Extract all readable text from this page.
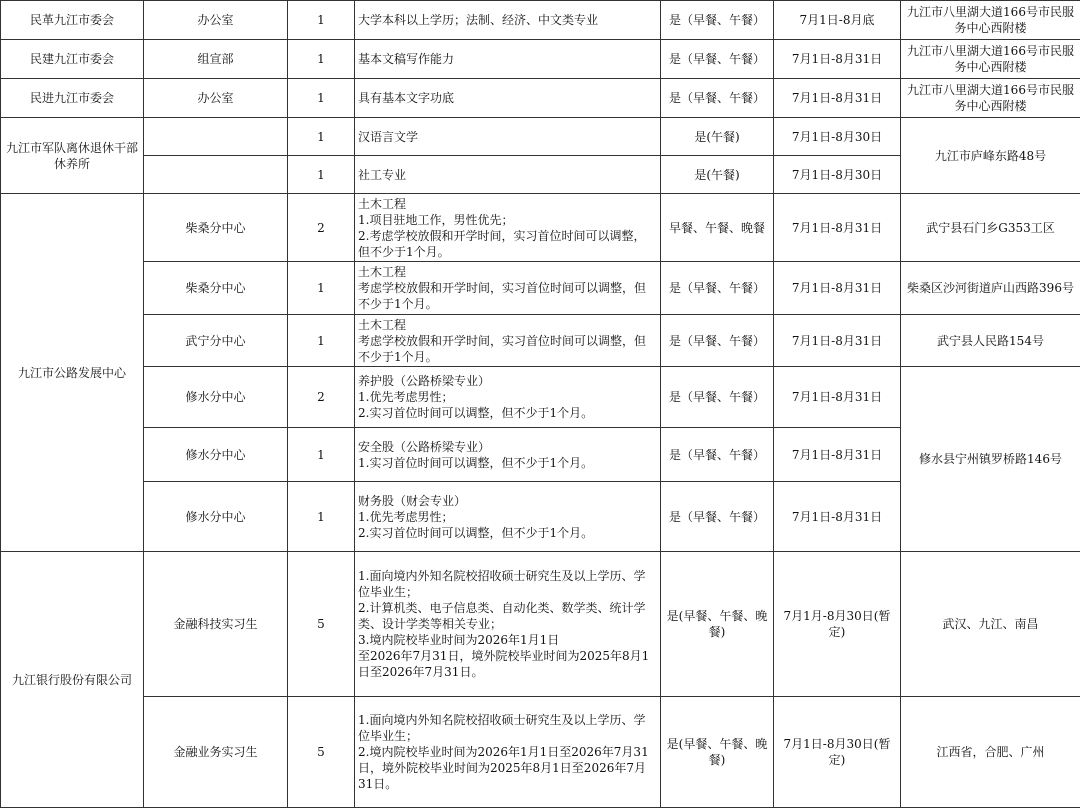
民革九江市委会	办公室	1	大学本科以上学历；法制、经济、中文类专业	是（早餐、午餐）	7月1日-8月底	九江市八里湖大道166号市民服务中心西附楼
民建九江市委会	组宣部	1	基本文稿写作能力	是（早餐、午餐）	7月1日-8月31日	九江市八里湖大道166号市民服务中心西附楼
民进九江市委会	办公室	1	具有基本文字功底	是（早餐、午餐）	7月1日-8月31日	九江市八里湖大道166号市民服务中心西附楼
九江市军队离休退休干部休养所		1	汉语言文学	是(午餐)	7月1日-8月30日	九江市庐峰东路48号
		1	社工专业	是(午餐)	7月1日-8月30日	
九江市公路发展中心	柴桑分中心	2	土木工程
1.项目驻地工作，男性优先；
2.考虑学校放假和开学时间，实习首位时间可以调整，但不少于1个月。	早餐、午餐、晚餐	7月1日-8月31日	武宁县石门乡G353工区
	柴桑分中心	1	土木工程
考虑学校放假和开学时间，实习首位时间可以调整，但不少于1个月。	是（早餐、午餐）	7月1日-8月31日	柴桑区沙河街道庐山西路396号
	武宁分中心	1	土木工程
考虑学校放假和开学时间，实习首位时间可以调整，但不少于1个月。	是（早餐、午餐）	7月1日-8月31日	武宁县人民路154号
	修水分中心	2	养护股（公路桥梁专业）
1.优先考虑男性；
2.实习首位时间可以调整，但不少于1个月。	是（早餐、午餐）	7月1日-8月31日	修水县宁州镇罗桥路146号
	修水分中心	1	安全股（公路桥梁专业）
1.实习首位时间可以调整，但不少于1个月。	是（早餐、午餐）	7月1日-8月31日	
	修水分中心	1	财务股（财会专业）
1.优先考虑男性；
2.实习首位时间可以调整，但不少于1个月。	是（早餐、午餐）	7月1日-8月31日	
九江银行股份有限公司	金融科技实习生	5	1.面向境内外知名院校招收硕士研究生及以上学历、学位毕业生；
2.计算机类、电子信息类、自动化类、数学类、统计学类、设计学类等相关专业；
3.境内院校毕业时间为2026年1月1日
至2026年7月31日，境外院校毕业时间为2025年8月1日至2026年7月31日。	是(早餐、午餐、晚餐)	7月1月-8月30日(暂定)	武汉、九江、南昌
	金融业务实习生	5	1.面向境内外知名院校招收硕士研究生及以上学历、学位毕业生；
2.境内院校毕业时间为2026年1月1日至2026年7月31日，境外院校毕业时间为2025年8月1日至2026年7月31日。	是(早餐、午餐、晚餐)	7月1日-8月30日(暂定)	江西省，合肥、广州
